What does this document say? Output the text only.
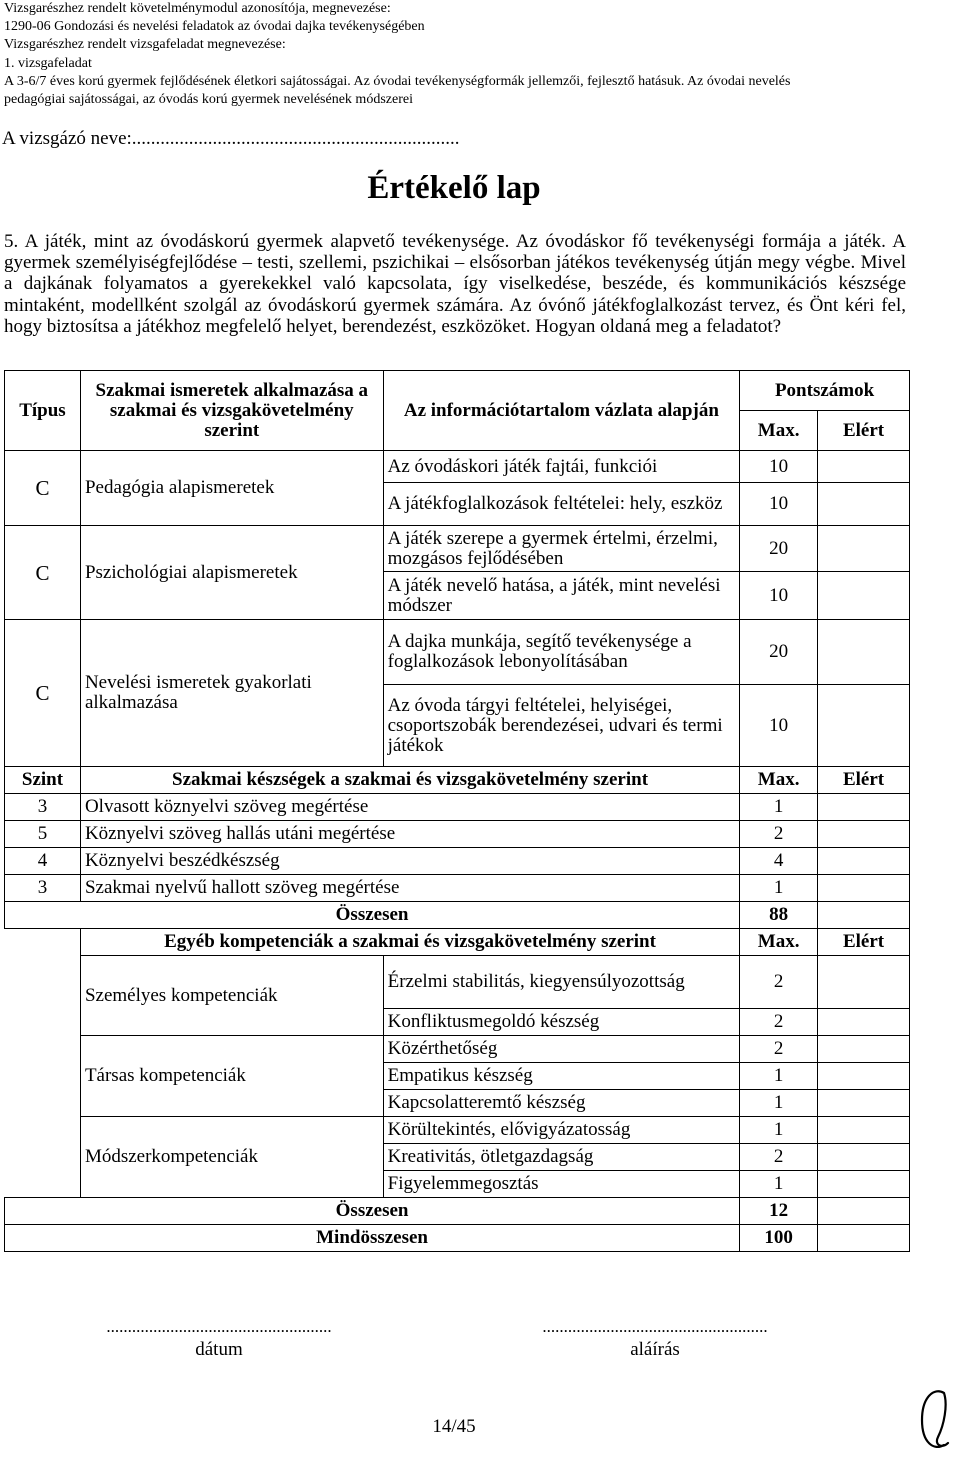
Vizsgarészhez rendelt követelménymodul azonosítója, megnevezése:
1290-06 Gondozási és nevelési feladatok az óvodai dajka tevékenységében
Vizsgarészhez rendelt vizsgafeladat megnevezése:
1. vizsgafeladat
A 3-6/7 éves korú gyermek fejlődésének életkori sajátosságai. Az óvodai tevékenységformák jellemzői, fejlesztő hatásuk. Az óvodai nevelés
pedagógiai sajátosságai, az óvodás korú gyermek nevelésének módszerei
A vizsgázó neve:.....................................................................
Értékelő lap
5. A játék, mint az óvodáskorú gyermek alapvető tevékenysége. Az óvodáskor fő tevékenységi formája a játék. A gyermek személyiségfejlődése – testi, szellemi, pszichikai – elsősorban játékos tevékenység útján megy végbe. Mivel a dajkának folyamatos a gyerekekkel való kapcsolata, így viselkedése, beszéde, és kommunikációs készsége mintaként, modellként szolgál az óvodáskorú gyermek számára. Az óvónő játékfoglalkozást tervez, és Önt kéri fel, hogy biztosítsa a játékhoz megfelelő helyet, berendezést, eszközöket. Hogyan oldaná meg a feladatot?
Típus	Szakmai ismeretek alkalmazása a szakmai és vizsgakövetelmény szerint	Az információtartalom vázlata alapján	Pontszámok	
			Max.	Elért
C	Pedagógia alapismeretek	Az óvodáskori játék fajtái, funkciói	10	
		A játékfoglalkozások feltételei: hely, eszköz	10	
C	Pszichológiai alapismeretek	A játék szerepe a gyermek értelmi, érzelmi, mozgásos fejlődésében	20	
		A játék nevelő hatása, a játék, mint nevelési módszer	10	
C	Nevelési ismeretek gyakorlati alkalmazása	A dajka munkája, segítő tevékenysége a foglalkozások lebonyolításában	20	
		Az óvoda tárgyi feltételei, helyiségei, csoportszobák berendezései, udvari és termi játékok	10	
Szint	Szakmai készségek a szakmai és vizsgakövetelmény szerint		Max.	Elért
3	Olvasott köznyelvi szöveg megértése		1	
5	Köznyelvi szöveg hallás utáni megértése		2	
4	Köznyelvi beszédkészség		4	
3	Szakmai nyelvű hallott szöveg megértése		1	
Összesen			88	
	Egyéb kompetenciák a szakmai és vizsgakövetelmény szerint		Max.	Elért
	Személyes kompetenciák	Érzelmi stabilitás, kiegyensúlyozottság	2	
		Konfliktusmegoldó készség	2	
	Társas kompetenciák	Közérthetőség	2	
		Empatikus készség	1	
		Kapcsolatteremtő készség	1	
	Módszerkompetenciák	Körültekintés, elővigyázatosság	1	
		Kreativitás, ötletgazdagság	2	
		Figyelemmegosztás	1	
Összesen			12	
Mindösszesen			100	
.....................................................
dátum
.....................................................
aláírás
14/45
